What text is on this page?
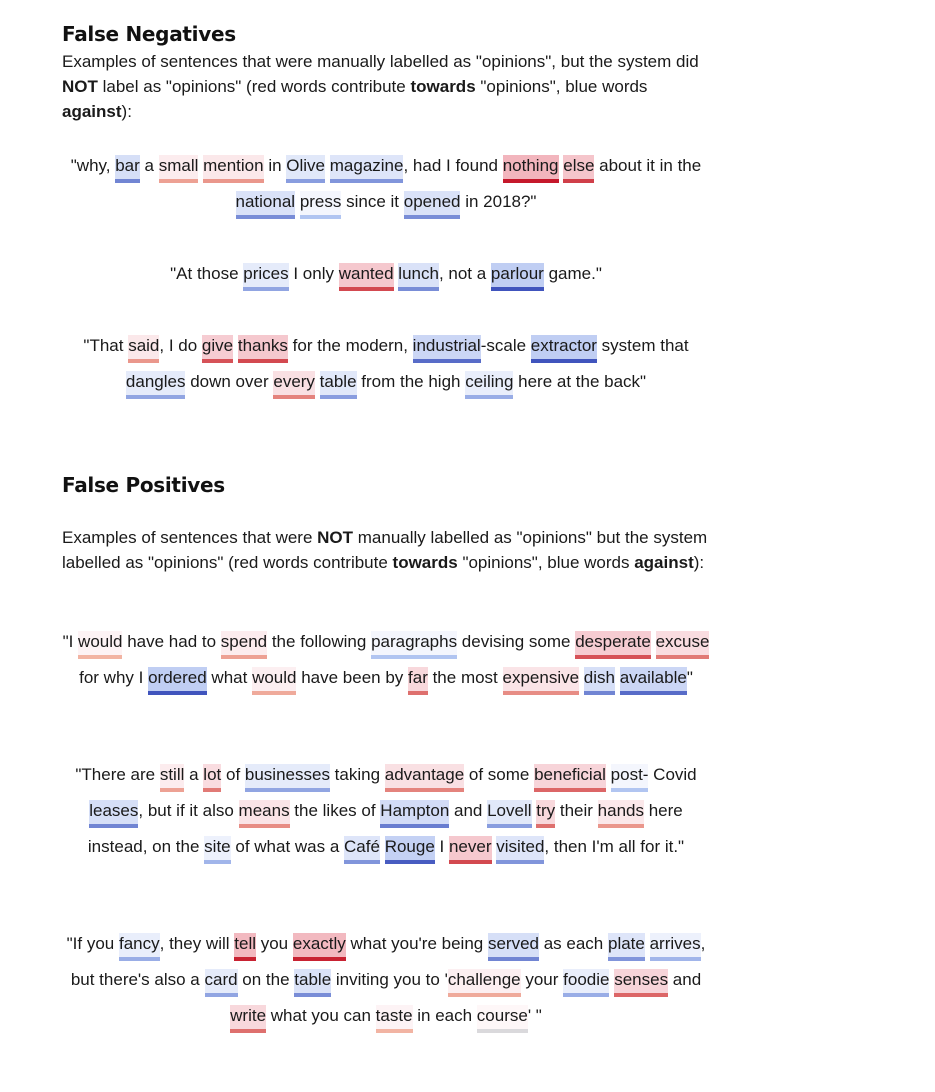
False Negatives

Examples of sentences that were manually labelled as "opinions", but the system did NOT label as "opinions" (red words contribute towards "opinions", blue words against):

"why, bar a small mention in Olive magazine, had I found nothing else about it in the national press since it opened in 2018?"

"At those prices I only wanted lunch, not a parlour game."

"That said, I do give thanks for the modern, industrial-scale extractor system that dangles down over every table from the high ceiling here at the back"

False Positives

Examples of sentences that were NOT manually labelled as "opinions" but the system labelled as "opinions" (red words contribute towards "opinions", blue words against):

"I would have had to spend the following paragraphs devising some desperate excuse for why I ordered what would have been by far the most expensive dish available"

"There are still a lot of businesses taking advantage of some beneficial post- Covid leases, but if it also means the likes of Hampton and Lovell try their hands here instead, on the site of what was a Café Rouge I never visited, then I'm all for it."

"If you fancy, they will tell you exactly what you're being served as each plate arrives, but there's also a card on the table inviting you to 'challenge your foodie senses and write what you can taste in each course' "
